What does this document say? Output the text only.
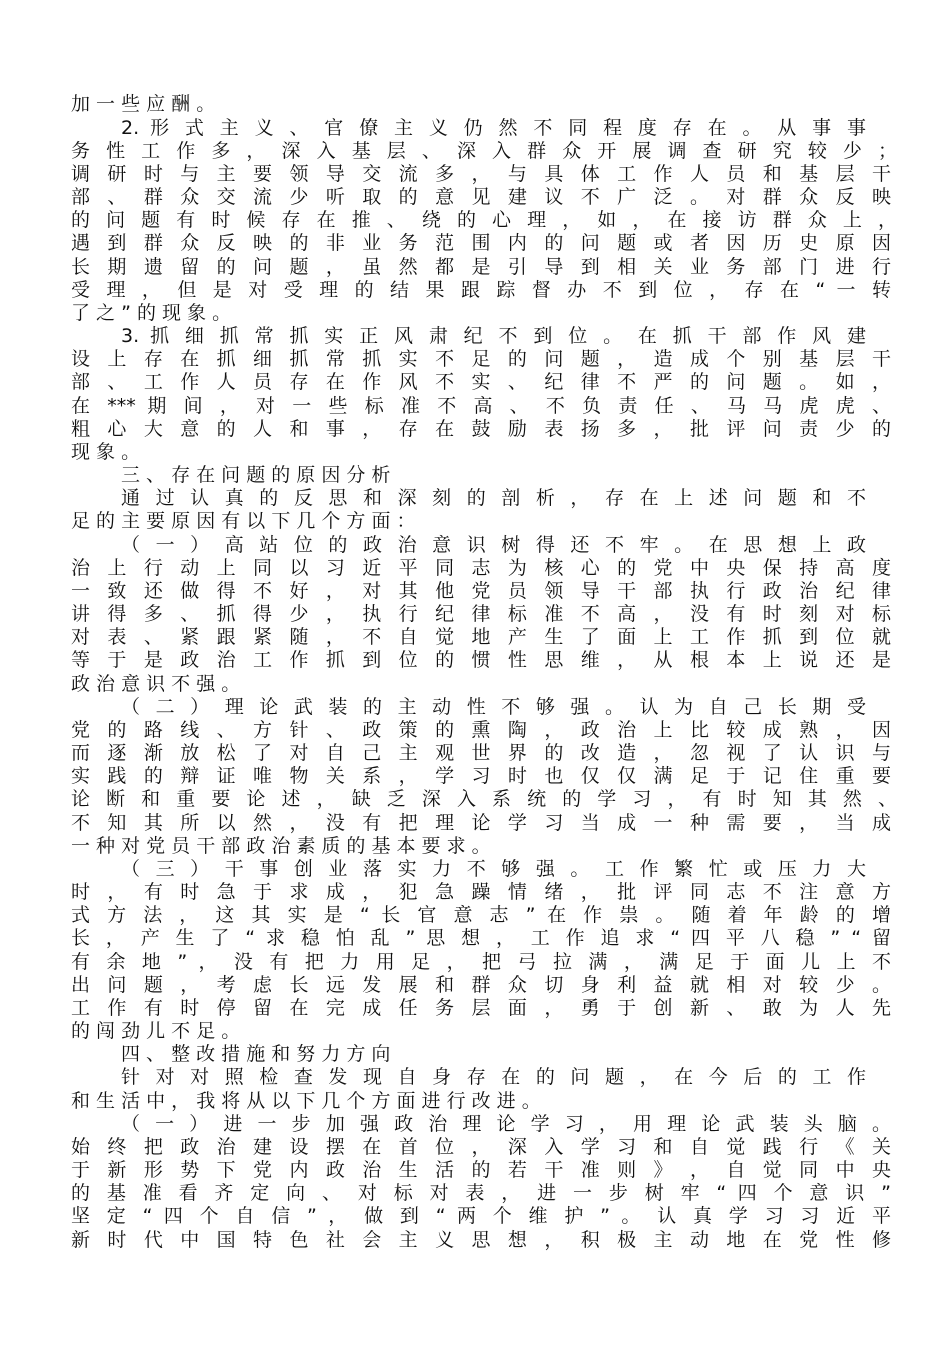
加 一 些 应 酬 。
2. 形 式 主 义 、 官 僚 主 义 仍 然 不 同 程 度 存 在 。 从 事 事
务 性 工 作 多 ， 深 入 基 层 、 深 入 群 众 开 展 调 查 研 究 较 少 ；
调 研 时 与 主 要 领 导 交 流 多 ， 与 具 体 工 作 人 员 和 基 层 干
部 、 群 众 交 流 少 听 取 的 意 见 建 议 不 广 泛 。 对 群 众 反 映
的 问 题 有 时 候 存 在 推 、 绕 的 心 理 ， 如 ， 在 接 访 群 众 上 ，
遇 到 群 众 反 映 的 非 业 务 范 围 内 的 问 题 或 者 因 历 史 原 因
长 期 遗 留 的 问 题 ， 虽 然 都 是 引 导 到 相 关 业 务 部 门 进 行
受 理 ， 但 是 对 受 理 的 结 果 跟 踪 督 办 不 到 位 ， 存 在 “ 一 转
了 之 ” 的 现 象 。
3. 抓 细 抓 常 抓 实 正 风 肃 纪 不 到 位 。 在 抓 干 部 作 风 建
设 上 存 在 抓 细 抓 常 抓 实 不 足 的 问 题 ， 造 成 个 别 基 层 干
部 、 工 作 人 员 存 在 作 风 不 实 、 纪 律 不 严 的 问 题 。 如 ，
在 *** 期 间 ， 对 一 些 标 准 不 高 、 不 负 责 任 、 马 马 虎 虎 、
粗 心 大 意 的 人 和 事 ， 存 在 鼓 励 表 扬 多 ， 批 评 问 责 少 的
现 象 。
三 、 存 在 问 题 的 原 因 分 析
通 过 认 真 的 反 思 和 深 刻 的 剖 析 ， 存 在 上 述 问 题 和 不
足 的 主 要 原 因 有 以 下 几 个 方 面 ：
（ 一 ） 高 站 位 的 政 治 意 识 树 得 还 不 牢 。 在 思 想 上 政
治 上 行 动 上 同 以 习 近 平 同 志 为 核 心 的 党 中 央 保 持 高 度
一 致 还 做 得 不 好 ， 对 其 他 党 员 领 导 干 部 执 行 政 治 纪 律
讲 得 多 、 抓 得 少 ， 执 行 纪 律 标 准 不 高 ， 没 有 时 刻 对 标
对 表 、 紧 跟 紧 随 ， 不 自 觉 地 产 生 了 面 上 工 作 抓 到 位 就
等 于 是 政 治 工 作 抓 到 位 的 惯 性 思 维 ， 从 根 本 上 说 还 是
政 治 意 识 不 强 。
（ 二 ） 理 论 武 装 的 主 动 性 不 够 强 。 认 为 自 己 长 期 受
党 的 路 线 、 方 针 、 政 策 的 熏 陶 ， 政 治 上 比 较 成 熟 ， 因
而 逐 渐 放 松 了 对 自 己 主 观 世 界 的 改 造 ， 忽 视 了 认 识 与
实 践 的 辩 证 唯 物 关 系 ， 学 习 时 也 仅 仅 满 足 于 记 住 重 要
论 断 和 重 要 论 述 ， 缺 乏 深 入 系 统 的 学 习 ， 有 时 知 其 然 、
不 知 其 所 以 然 ， 没 有 把 理 论 学 习 当 成 一 种 需 要 ， 当 成
一 种 对 党 员 干 部 政 治 素 质 的 基 本 要 求 。
（ 三 ） 干 事 创 业 落 实 力 不 够 强 。 工 作 繁 忙 或 压 力 大
时 ， 有 时 急 于 求 成 ， 犯 急 躁 情 绪 ， 批 评 同 志 不 注 意 方
式 方 法 ， 这 其 实 是 “ 长 官 意 志 ” 在 作 祟 。 随 着 年 龄 的 增
长 ， 产 生 了 “ 求 稳 怕 乱 ” 思 想 ， 工 作 追 求 “ 四 平 八 稳 ” “ 留
有 余 地 ” ， 没 有 把 力 用 足 ， 把 弓 拉 满 ， 满 足 于 面 儿 上 不
出 问 题 ， 考 虑 长 远 发 展 和 群 众 切 身 利 益 就 相 对 较 少 。
工 作 有 时 停 留 在 完 成 任 务 层 面 ， 勇 于 创 新 、 敢 为 人 先
的 闯 劲 儿 不 足 。
四 、 整 改 措 施 和 努 力 方 向
针 对 对 照 检 查 发 现 自 身 存 在 的 问 题 ， 在 今 后 的 工 作
和 生 活 中 ， 我 将 从 以 下 几 个 方 面 进 行 改 进 。
（ 一 ） 进 一 步 加 强 政 治 理 论 学 习 ， 用 理 论 武 装 头 脑 。
始 终 把 政 治 建 设 摆 在 首 位 ， 深 入 学 习 和 自 觉 践 行 《 关
于 新 形 势 下 党 内 政 治 生 活 的 若 干 准 则 》 ， 自 觉 同 中 央
的 基 准 看 齐 定 向 、 对 标 对 表 ， 进 一 步 树 牢 “ 四 个 意 识 ”
坚 定 “ 四 个 自 信 ” ， 做 到 “ 两 个 维 护 ” 。 认 真 学 习 习 近 平
新 时 代 中 国 特 色 社 会 主 义 思 想 ， 积 极 主 动 地 在 党 性 修
